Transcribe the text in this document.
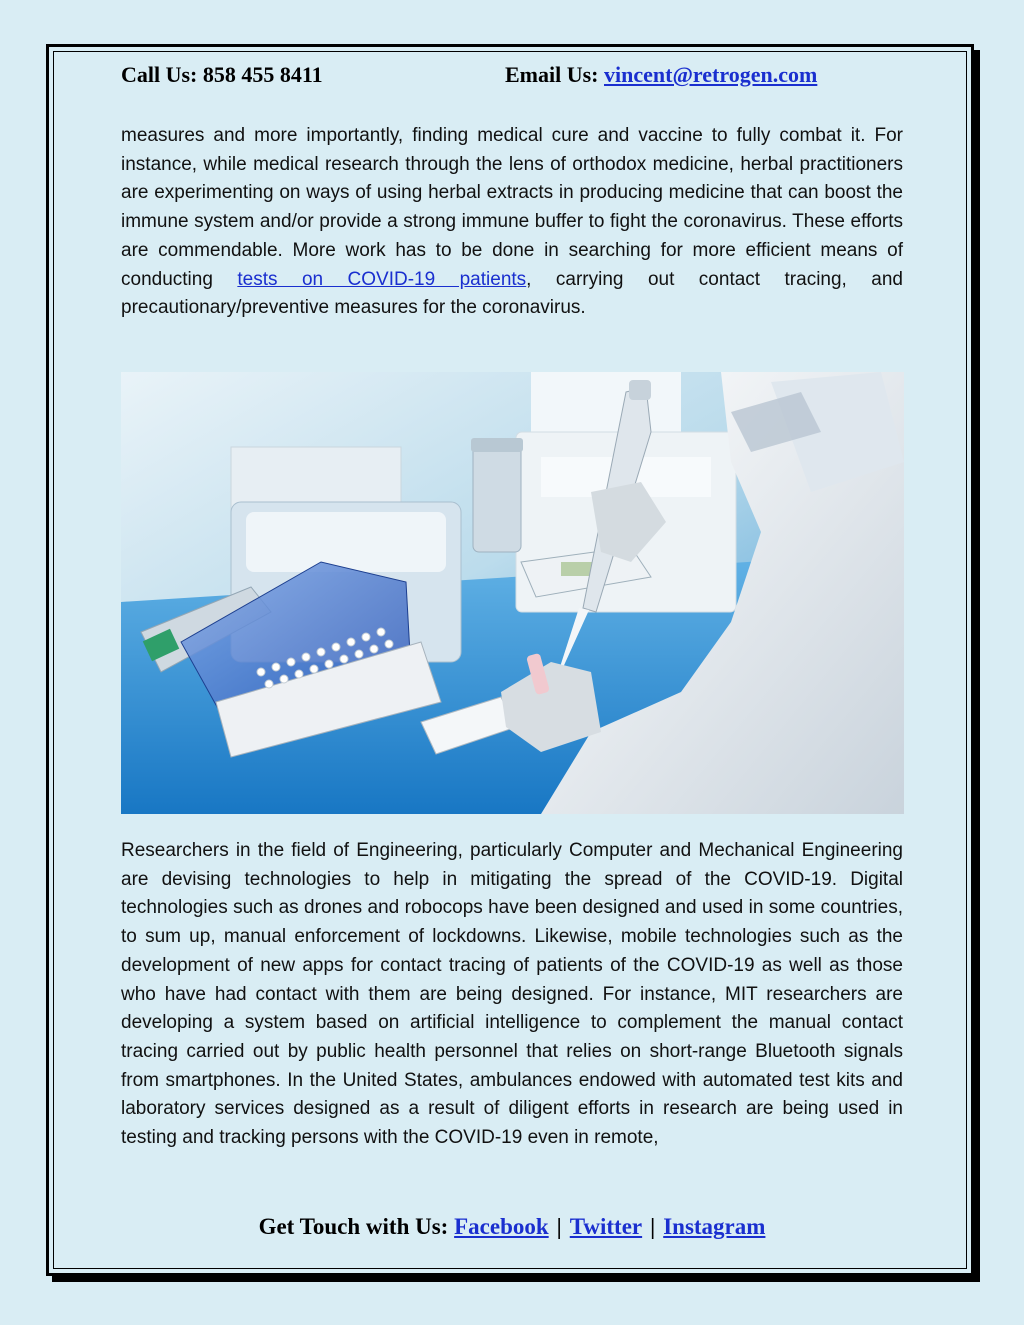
Call Us: 858 455 8411	Email Us: vincent@retrogen.com

measures and more importantly, finding medical cure and vaccine to fully combat it. For instance, while medical research through the lens of orthodox medicine, herbal practitioners are experimenting on ways of using herbal extracts in producing medicine that can boost the immune system and/or provide a strong immune buffer to fight the coronavirus. These efforts are commendable. More work has to be done in searching for more efficient means of conducting tests on COVID-19 patients, carrying out contact tracing, and precautionary/preventive measures for the coronavirus.

Researchers in the field of Engineering, particularly Computer and Mechanical Engineering are devising technologies to help in mitigating the spread of the COVID-19. Digital technologies such as drones and robocops have been designed and used in some countries, to sum up, manual enforcement of lockdowns. Likewise, mobile technologies such as the development of new apps for contact tracing of patients of the COVID-19 as well as those who have had contact with them are being designed. For instance, MIT researchers are developing a system based on artificial intelligence to complement the manual contact tracing carried out by public health personnel that relies on short-range Bluetooth signals from smartphones. In the United States, ambulances endowed with automated test kits and laboratory services designed as a result of diligent efforts in research are being used in testing and tracking persons with the COVID-19 even in remote,

Get Touch with Us: Facebook | Twitter | Instagram
